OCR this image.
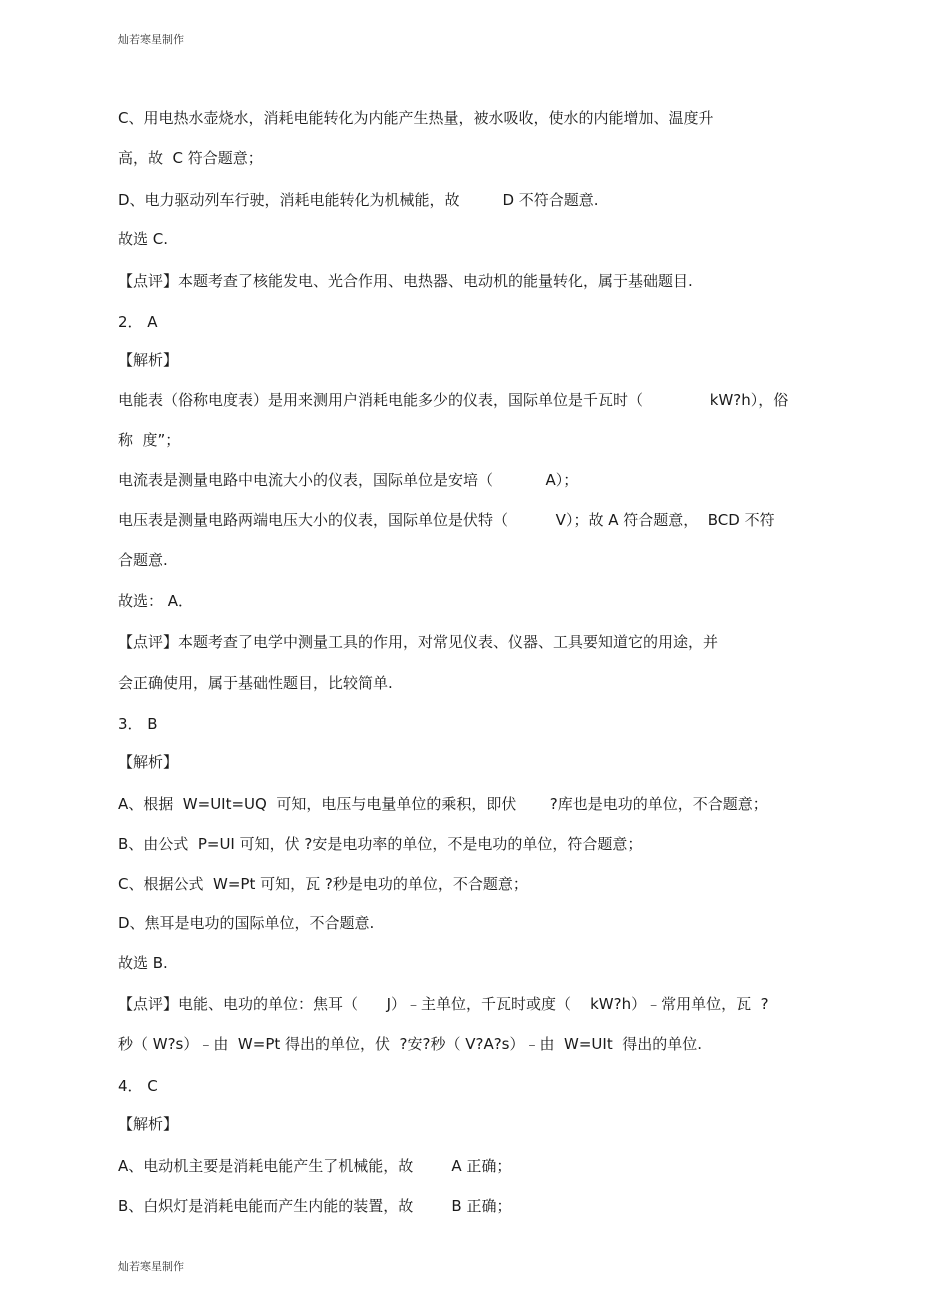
灿若寒星制作

C、用电热水壶烧水，消耗电能转化为内能产生热量，被水吸收，使水的内能增加、温度升

高，故  C 符合题意；

D、电力驱动列车行驶，消耗电能转化为机械能，故         D 不符合题意.

故选 C.

【点评】本题考查了核能发电、光合作用、电热器、电动机的能量转化，属于基础题目.

2． A

【解析】

电能表（俗称电度表）是用来测用户消耗电能多少的仪表，国际单位是千瓦时（              kW?h），俗

称  度”；

电流表是测量电路中电流大小的仪表，国际单位是安培（           A）；

电压表是测量电路两端电压大小的仪表，国际单位是伏特（          V）；故 A 符合题意，  BCD 不符

合题意.

故选： A．

【点评】本题考查了电学中测量工具的作用，对常见仪表、仪器、工具要知道它的用途，并

会正确使用，属于基础性题目，比较简单.

3． B

【解析】

A、根据  W=UIt=UQ  可知，电压与电量单位的乘积，即伏       ?库也是电功的单位，不合题意；

B、由公式  P=UI 可知，伏 ?安是电功率的单位，不是电功的单位，符合题意；

C、根据公式  W=Pt 可知，瓦 ?秒是电功的单位，不合题意；

D、焦耳是电功的国际单位，不合题意.

故选 B.

【点评】电能、电功的单位：焦耳（      J）﹣主单位，千瓦时或度（    kW?h）﹣常用单位，瓦  ?

秒（ W?s）﹣由  W=Pt 得出的单位，伏  ?安?秒（ V?A?s）﹣由  W=UIt  得出的单位.

4． C

【解析】

A、电动机主要是消耗电能产生了机械能，故        A 正确；

B、白炽灯是消耗电能而产生内能的装置，故        B 正确；

灿若寒星制作
